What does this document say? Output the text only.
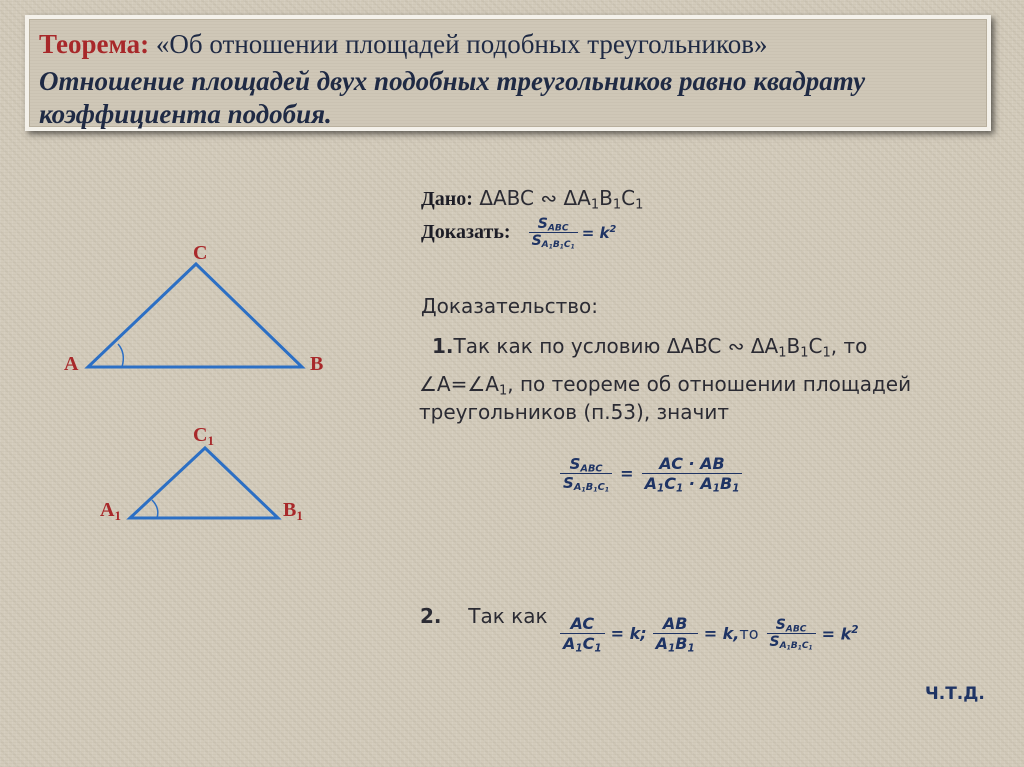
Теорема: «Об отношении площадей подобных треугольников»
Отношение площадей двух подобных треугольников равно квадрату коэффициента подобия.
C
A	B
$C_1$
$A_1$	$B_1$
Дано: ΔABC ∾ $\Delta A_1B_1C_1$
Доказать: $\frac{S_{ABC}}{S_{A_1B_1C_1}} = k^2$
Доказательство:
1.Так как по условию ΔABC ∾ $\Delta A_1B_1C_1$, то
$\angle A=\angle A_1$, по теореме об отношении площадей
треугольников (п.53), значит
$\frac{S_{ABC}}{S_{A_1B_1C_1}} = \frac{AC \cdot AB}{A_1C_1 \cdot A_1B_1}$
2. Так как $\frac{AC}{A_1C_1} = k$; $\frac{AB}{A_1B_1} = k$, то $\frac{S_{ABC}}{S_{A_1B_1C_1}} = k^2$
Ч.Т.Д.
